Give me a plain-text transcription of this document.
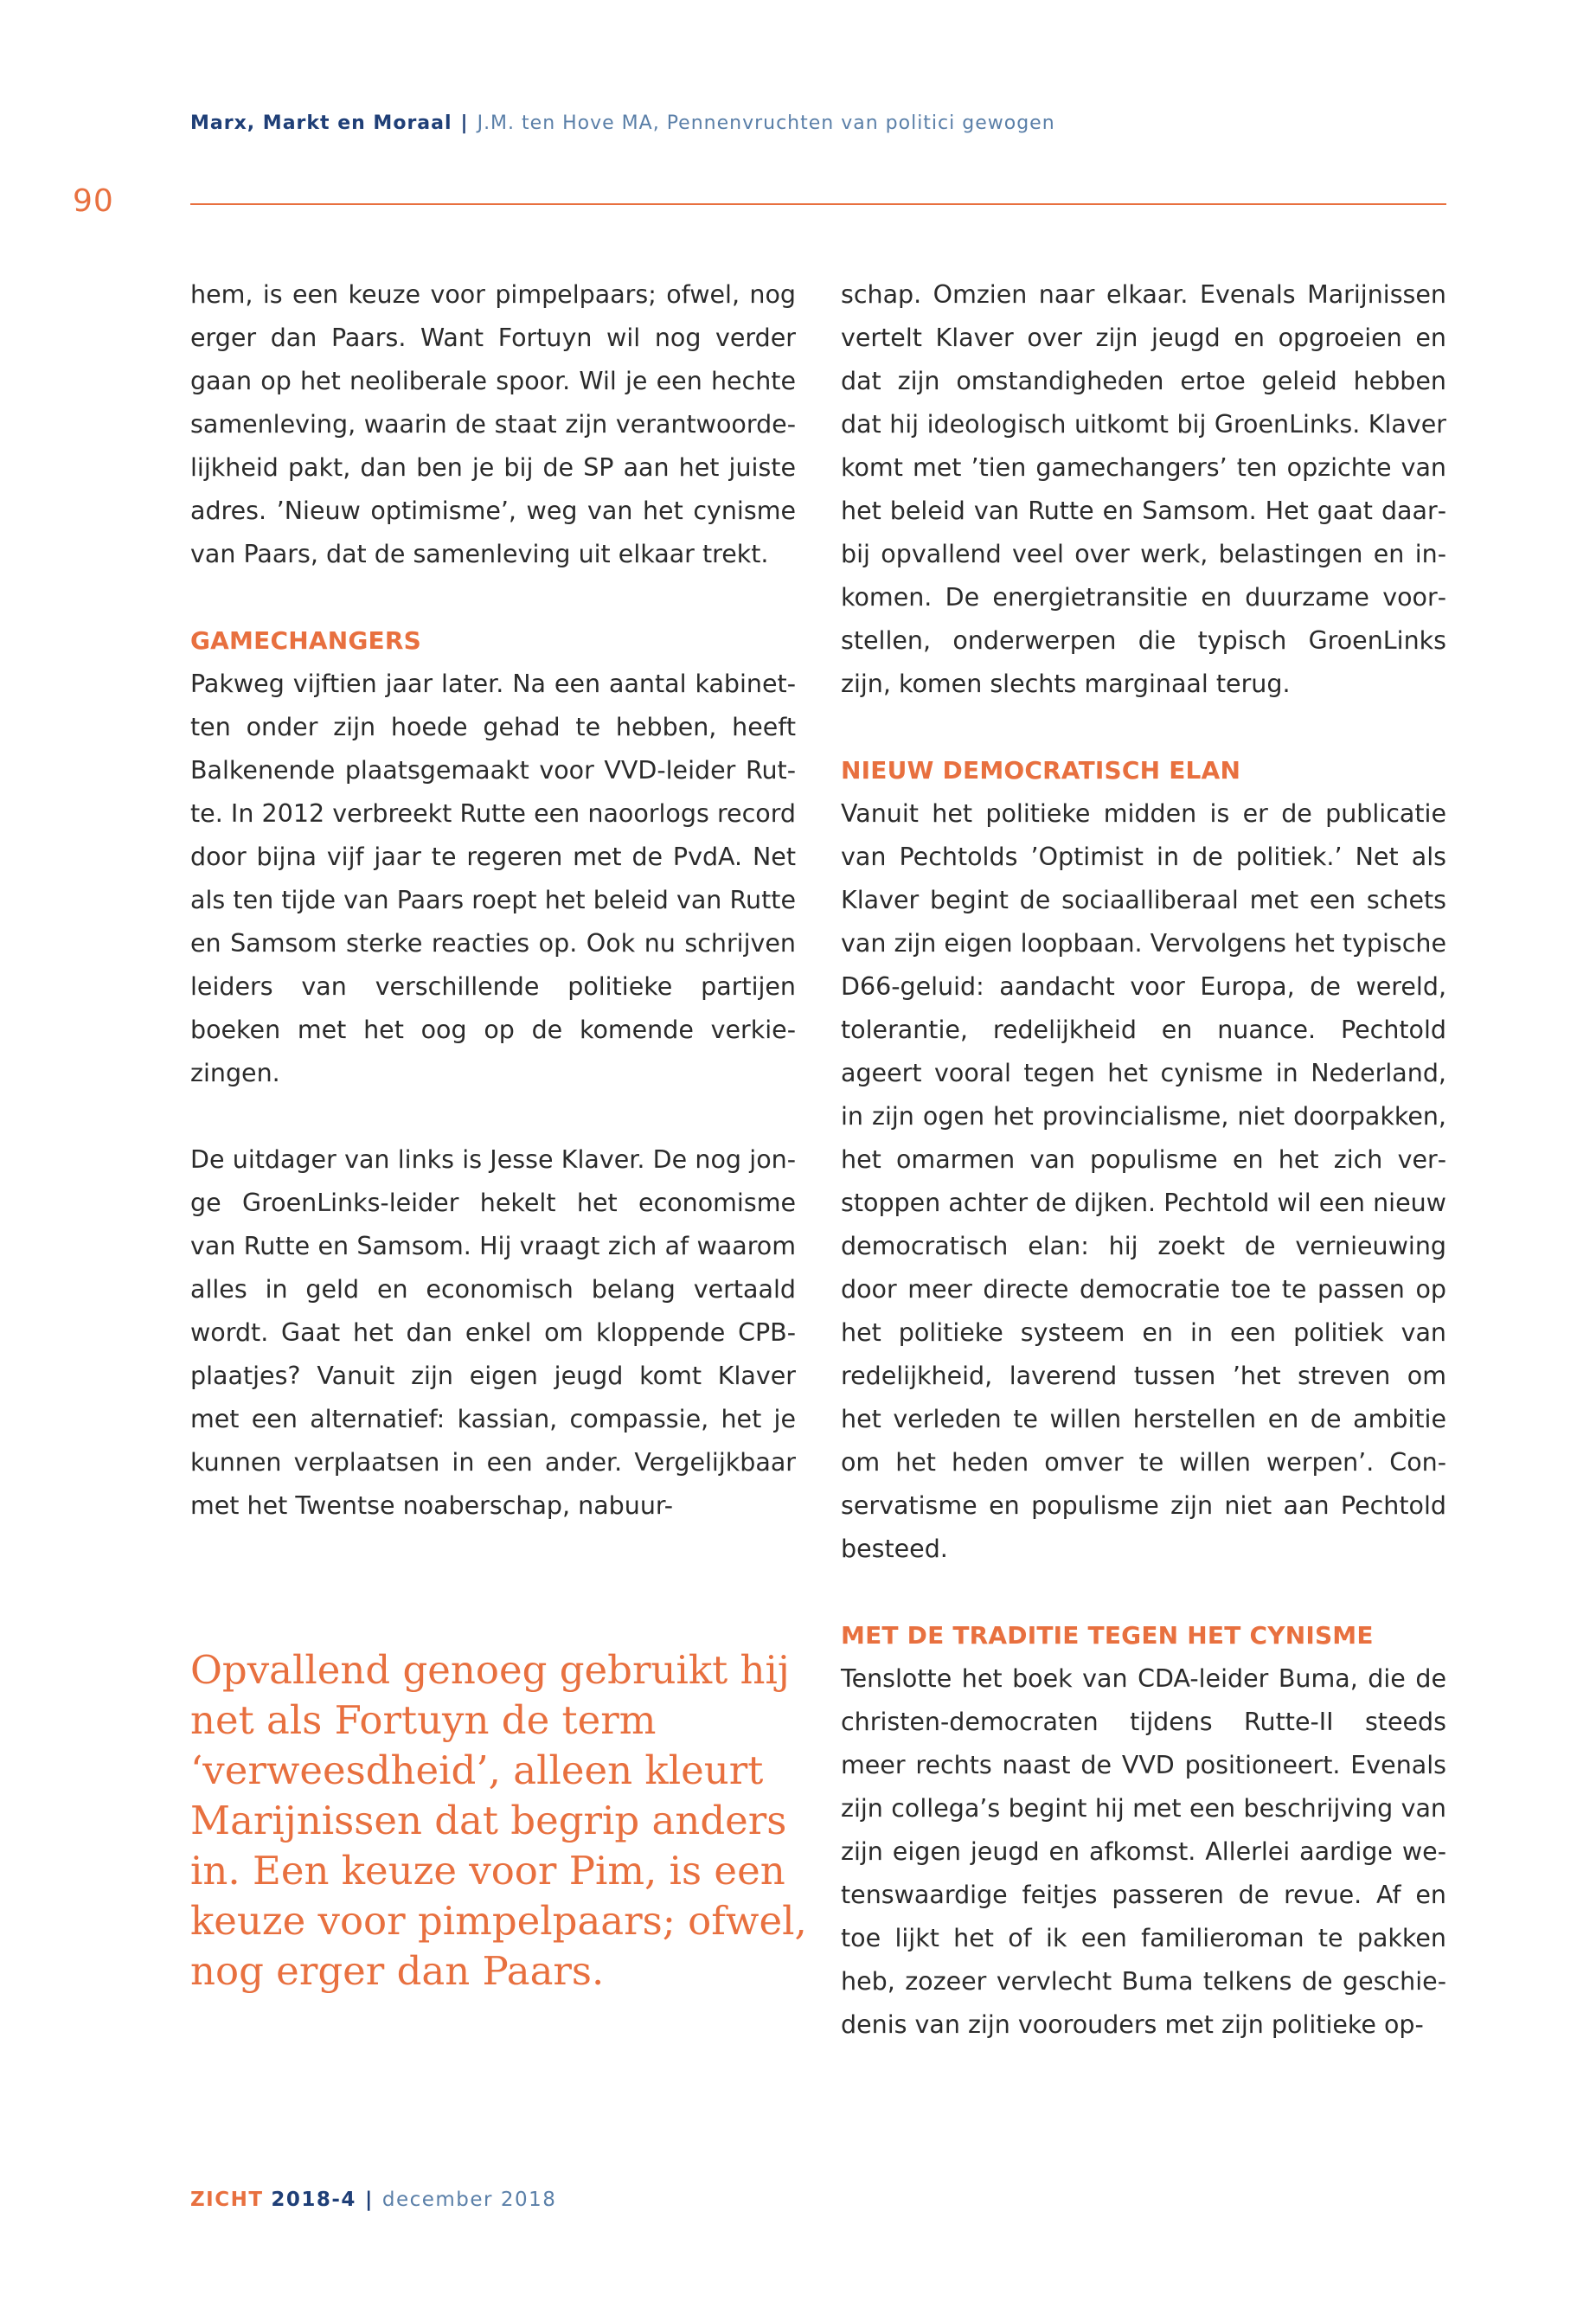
Marx, Markt en Moraal | J.M. ten Hove MA, Pennenvruchten van politici gewogen
90

hem, is een keuze voor pimpelpaars; ofwel, nog erger dan Paars. Want Fortuyn wil nog verder gaan op het neoliberale spoor. Wil je een hechte samenleving, waarin de staat zijn verantwoordelijkheid pakt, dan ben je bij de SP aan het juiste adres. ’Nieuw optimisme’, weg van het cynisme van Paars, dat de samenleving uit elkaar trekt.

GAMECHANGERS

Pakweg vijftien jaar later. Na een aantal kabinetten onder zijn hoede gehad te hebben, heeft Balkenende plaatsgemaakt voor VVD-leider Rutte. In 2012 verbreekt Rutte een naoorlogs record door bijna vijf jaar te regeren met de PvdA. Net als ten tijde van Paars roept het beleid van Rutte en Samsom sterke reacties op. Ook nu schrijven leiders van verschillende politieke partijen boeken met het oog op de komende verkiezingen.

De uitdager van links is Jesse Klaver. De nog jonge GroenLinks-leider hekelt het economisme van Rutte en Samsom. Hij vraagt zich af waarom alles in geld en economisch belang vertaald wordt. Gaat het dan enkel om kloppende CPB-plaatjes? Vanuit zijn eigen jeugd komt Klaver met een alternatief: kassian, compassie, het je kunnen verplaatsen in een ander. Vergelijkbaar met het Twentse noaberschap, nabuur-

Opvallend genoeg gebruikt hij net als Fortuyn de term ‘verweesdheid’, alleen kleurt Marijnissen dat begrip anders in. Een keuze voor Pim, is een keuze voor pimpelpaars; ofwel, nog erger dan Paars.

schap. Omzien naar elkaar. Evenals Marijnissen vertelt Klaver over zijn jeugd en opgroeien en dat zijn omstandigheden ertoe geleid hebben dat hij ideologisch uitkomt bij GroenLinks. Klaver komt met ’tien gamechangers’ ten opzichte van het beleid van Rutte en Samsom. Het gaat daarbij opvallend veel over werk, belastingen en inkomen. De energietransitie en duurzame voorstellen, onderwerpen die typisch GroenLinks zijn, komen slechts marginaal terug.

NIEUW DEMOCRATISCH ELAN

Vanuit het politieke midden is er de publicatie van Pechtolds ’Optimist in de politiek.’ Net als Klaver begint de sociaalliberaal met een schets van zijn eigen loopbaan. Vervolgens het typische D66-geluid: aandacht voor Europa, de wereld, tolerantie, redelijkheid en nuance. Pechtold ageert vooral tegen het cynisme in Nederland, in zijn ogen het provincialisme, niet doorpakken, het omarmen van populisme en het zich verstoppen achter de dijken. Pechtold wil een nieuw democratisch elan: hij zoekt de vernieuwing door meer directe democratie toe te passen op het politieke systeem en in een politiek van redelijkheid, laverend tussen ’het streven om het verleden te willen herstellen en de ambitie om het heden omver te willen werpen’. Conservatisme en populisme zijn niet aan Pechtold besteed.

MET DE TRADITIE TEGEN HET CYNISME

Tenslotte het boek van CDA-leider Buma, die de christen-democraten tijdens Rutte-II steeds meer rechts naast de VVD positioneert. Evenals zijn collega’s begint hij met een beschrijving van zijn eigen jeugd en afkomst. Allerlei aardige wetenswaardige feitjes passeren de revue. Af en toe lijkt het of ik een familieroman te pakken heb, zozeer vervlecht Buma telkens de geschiedenis van zijn voorouders met zijn politieke op-

ZICHT 2018-4 | december 2018
